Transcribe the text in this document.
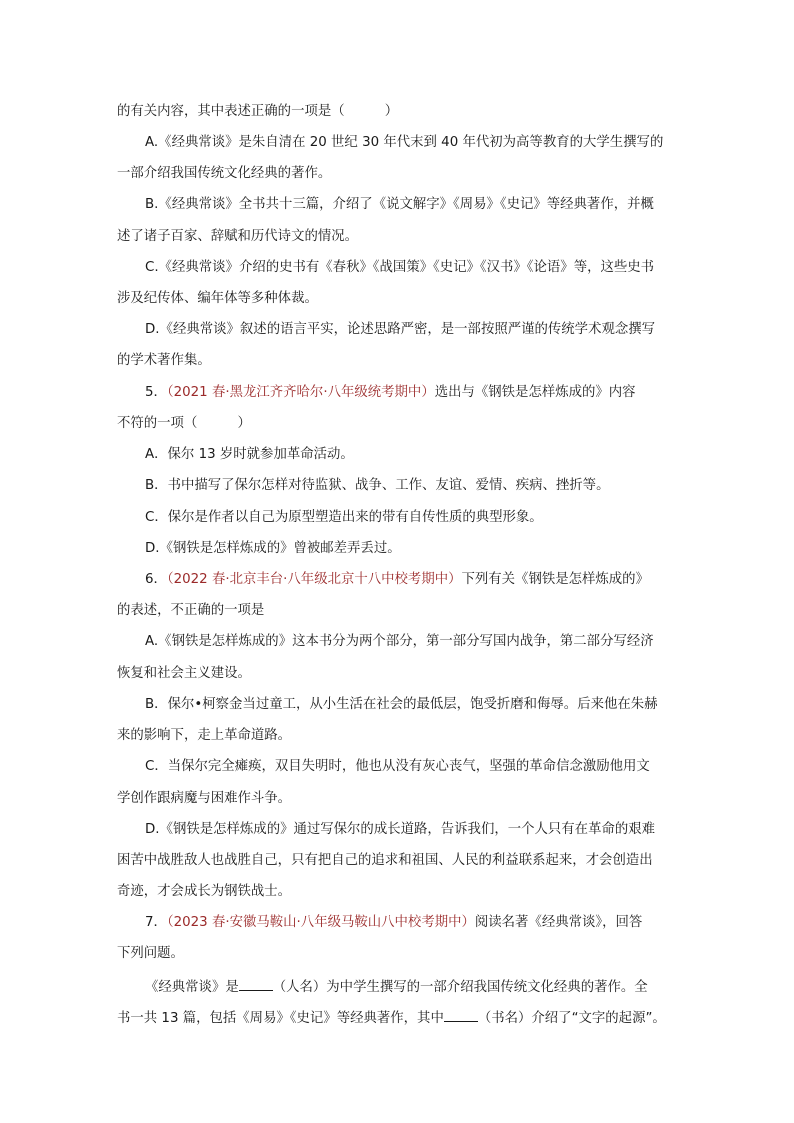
的有关内容，其中表述正确的一项是（　　　）
A.《经典常谈》是朱自清在 20 世纪 30 年代末到 40 年代初为高等教育的大学生撰写的
一部介绍我国传统文化经典的著作。
B.《经典常谈》全书共十三篇，介绍了《说文解字》《周易》《史记》等经典著作，并概
述了诸子百家、辞赋和历代诗文的情况。
C.《经典常谈》介绍的史书有《春秋》《战国策》《史记》《汉书》《论语》等，这些史书
涉及纪传体、编年体等多种体裁。
D.《经典常谈》叙述的语言平实，论述思路严密，是一部按照严谨的传统学术观念撰写
的学术著作集。
5．（2021 春·黑龙江齐齐哈尔·八年级统考期中）选出与《钢铁是怎样炼成的》内容
不符的一项（　　　）
A．保尔 13 岁时就参加革命活动。
B．书中描写了保尔怎样对待监狱、战争、工作、友谊、爱情、疾病、挫折等。
C．保尔是作者以自己为原型塑造出来的带有自传性质的典型形象。
D.《钢铁是怎样炼成的》曾被邮差弄丢过。
6．（2022 春·北京丰台·八年级北京十八中校考期中）下列有关《钢铁是怎样炼成的》
的表述，不正确的一项是
A.《钢铁是怎样炼成的》这本书分为两个部分，第一部分写国内战争，第二部分写经济
恢复和社会主义建设。
B．保尔•柯察金当过童工，从小生活在社会的最低层，饱受折磨和侮辱。后来他在朱赫
来的影响下，走上革命道路。
C．当保尔完全瘫痪，双目失明时，他也从没有灰心丧气，坚强的革命信念激励他用文
学创作跟病魔与困难作斗争。
D.《钢铁是怎样炼成的》通过写保尔的成长道路，告诉我们，一个人只有在革命的艰难
困苦中战胜敌人也战胜自己，只有把自己的追求和祖国、人民的利益联系起来，才会创造出
奇迹，才会成长为钢铁战士。
7．（2023 春·安徽马鞍山·八年级马鞍山八中校考期中）阅读名著《经典常谈》，回答
下列问题。
《经典常谈》是	（人名）为中学生撰写的一部介绍我国传统文化经典的著作。全
书一共 13 篇，包括《周易》《史记》等经典著作，其中	（书名）介绍了“文字的起源”。
